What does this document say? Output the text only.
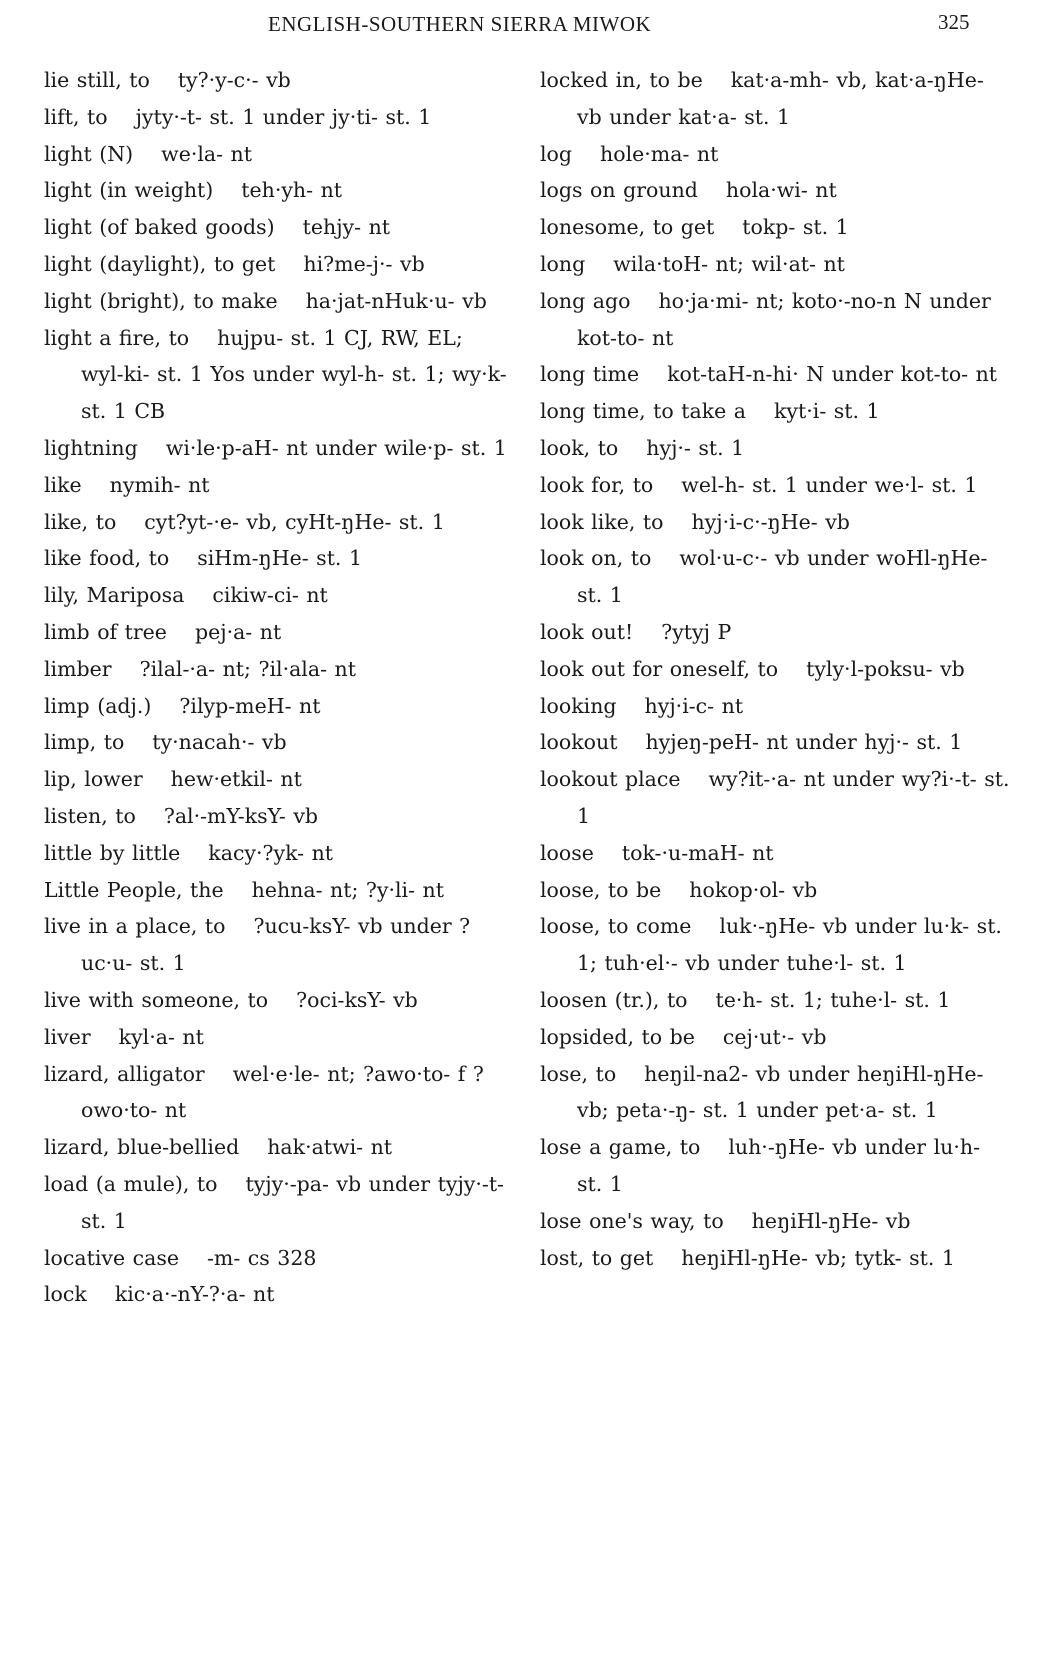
ENGLISH-SOUTHERN SIERRA MIWOK	325

lie still, to ty?·y-c·- vb

lift, to jyty·-t- st. 1 under jy·ti- st. 1

light (N) we·la- nt

light (in weight) teh·yh- nt

light (of baked goods) tehjy- nt

light (daylight), to get hi?me-j·- vb

light (bright), to make ha·jat-nHuk·u- vb

light a fire, to hujpu- st. 1 CJ, RW, EL; wyl-ki- st. 1 Yos under wyl-h- st. 1; wy·k- st. 1 CB

lightning wi·le·p-aH- nt under wile·p- st. 1

like nymih- nt

like, to cyt?yt-·e- vb, cyHt-ŋHe- st. 1

like food, to siHm-ŋHe- st. 1

lily, Mariposa cikiw-ci- nt

limb of tree pej·a- nt

limber ?ilal-·a- nt; ?il·ala- nt

limp (adj.) ?ilyp-meH- nt

limp, to ty·nacah·- vb

lip, lower hew·etkil- nt

listen, to ?al·-mY-ksY- vb

little by little kacy·?yk- nt

Little People, the hehna- nt; ?y·li- nt

live in a place, to ?ucu-ksY- vb under ?uc·u- st. 1

live with someone, to ?oci-ksY- vb

liver kyl·a- nt

lizard, alligator wel·e·le- nt; ?awo·to- f ?owo·to- nt

lizard, blue-bellied hak·atwi- nt

load (a mule), to tyjy·-pa- vb under tyjy·-t- st. 1

locative case -m- cs 328

lock kic·a·-nY-?·a- nt

locked in, to be kat·a-mh- vb, kat·a-ŋHe- vb under kat·a- st. 1

log hole·ma- nt

logs on ground hola·wi- nt

lonesome, to get tokp- st. 1

long wila·toH- nt; wil·at- nt

long ago ho·ja·mi- nt; koto·-no-n N under kot-to- nt

long time kot-taH-n-hi· N under kot-to- nt

long time, to take a kyt·i- st. 1

look, to hyj·- st. 1

look for, to wel-h- st. 1 under we·l- st. 1

look like, to hyj·i-c·-ŋHe- vb

look on, to wol·u-c·- vb under woHl-ŋHe- st. 1

look out! ?ytyj P

look out for oneself, to tyly·l-poksu- vb

looking hyj·i-c- nt

lookout hyjeŋ-peH- nt under hyj·- st. 1

lookout place wy?it-·a- nt under wy?i·-t- st. 1

loose tok-·u-maH- nt

loose, to be hokop·ol- vb

loose, to come luk·-ŋHe- vb under lu·k- st. 1; tuh·el·- vb under tuhe·l- st. 1

loosen (tr.), to te·h- st. 1; tuhe·l- st. 1

lopsided, to be cej·ut·- vb

lose, to heŋil-na2- vb under heŋiHl-ŋHe- vb; peta·-ŋ- st. 1 under pet·a- st. 1

lose a game, to luh·-ŋHe- vb under lu·h- st. 1

lose one's way, to heŋiHl-ŋHe- vb

lost, to get heŋiHl-ŋHe- vb; tytk- st. 1
